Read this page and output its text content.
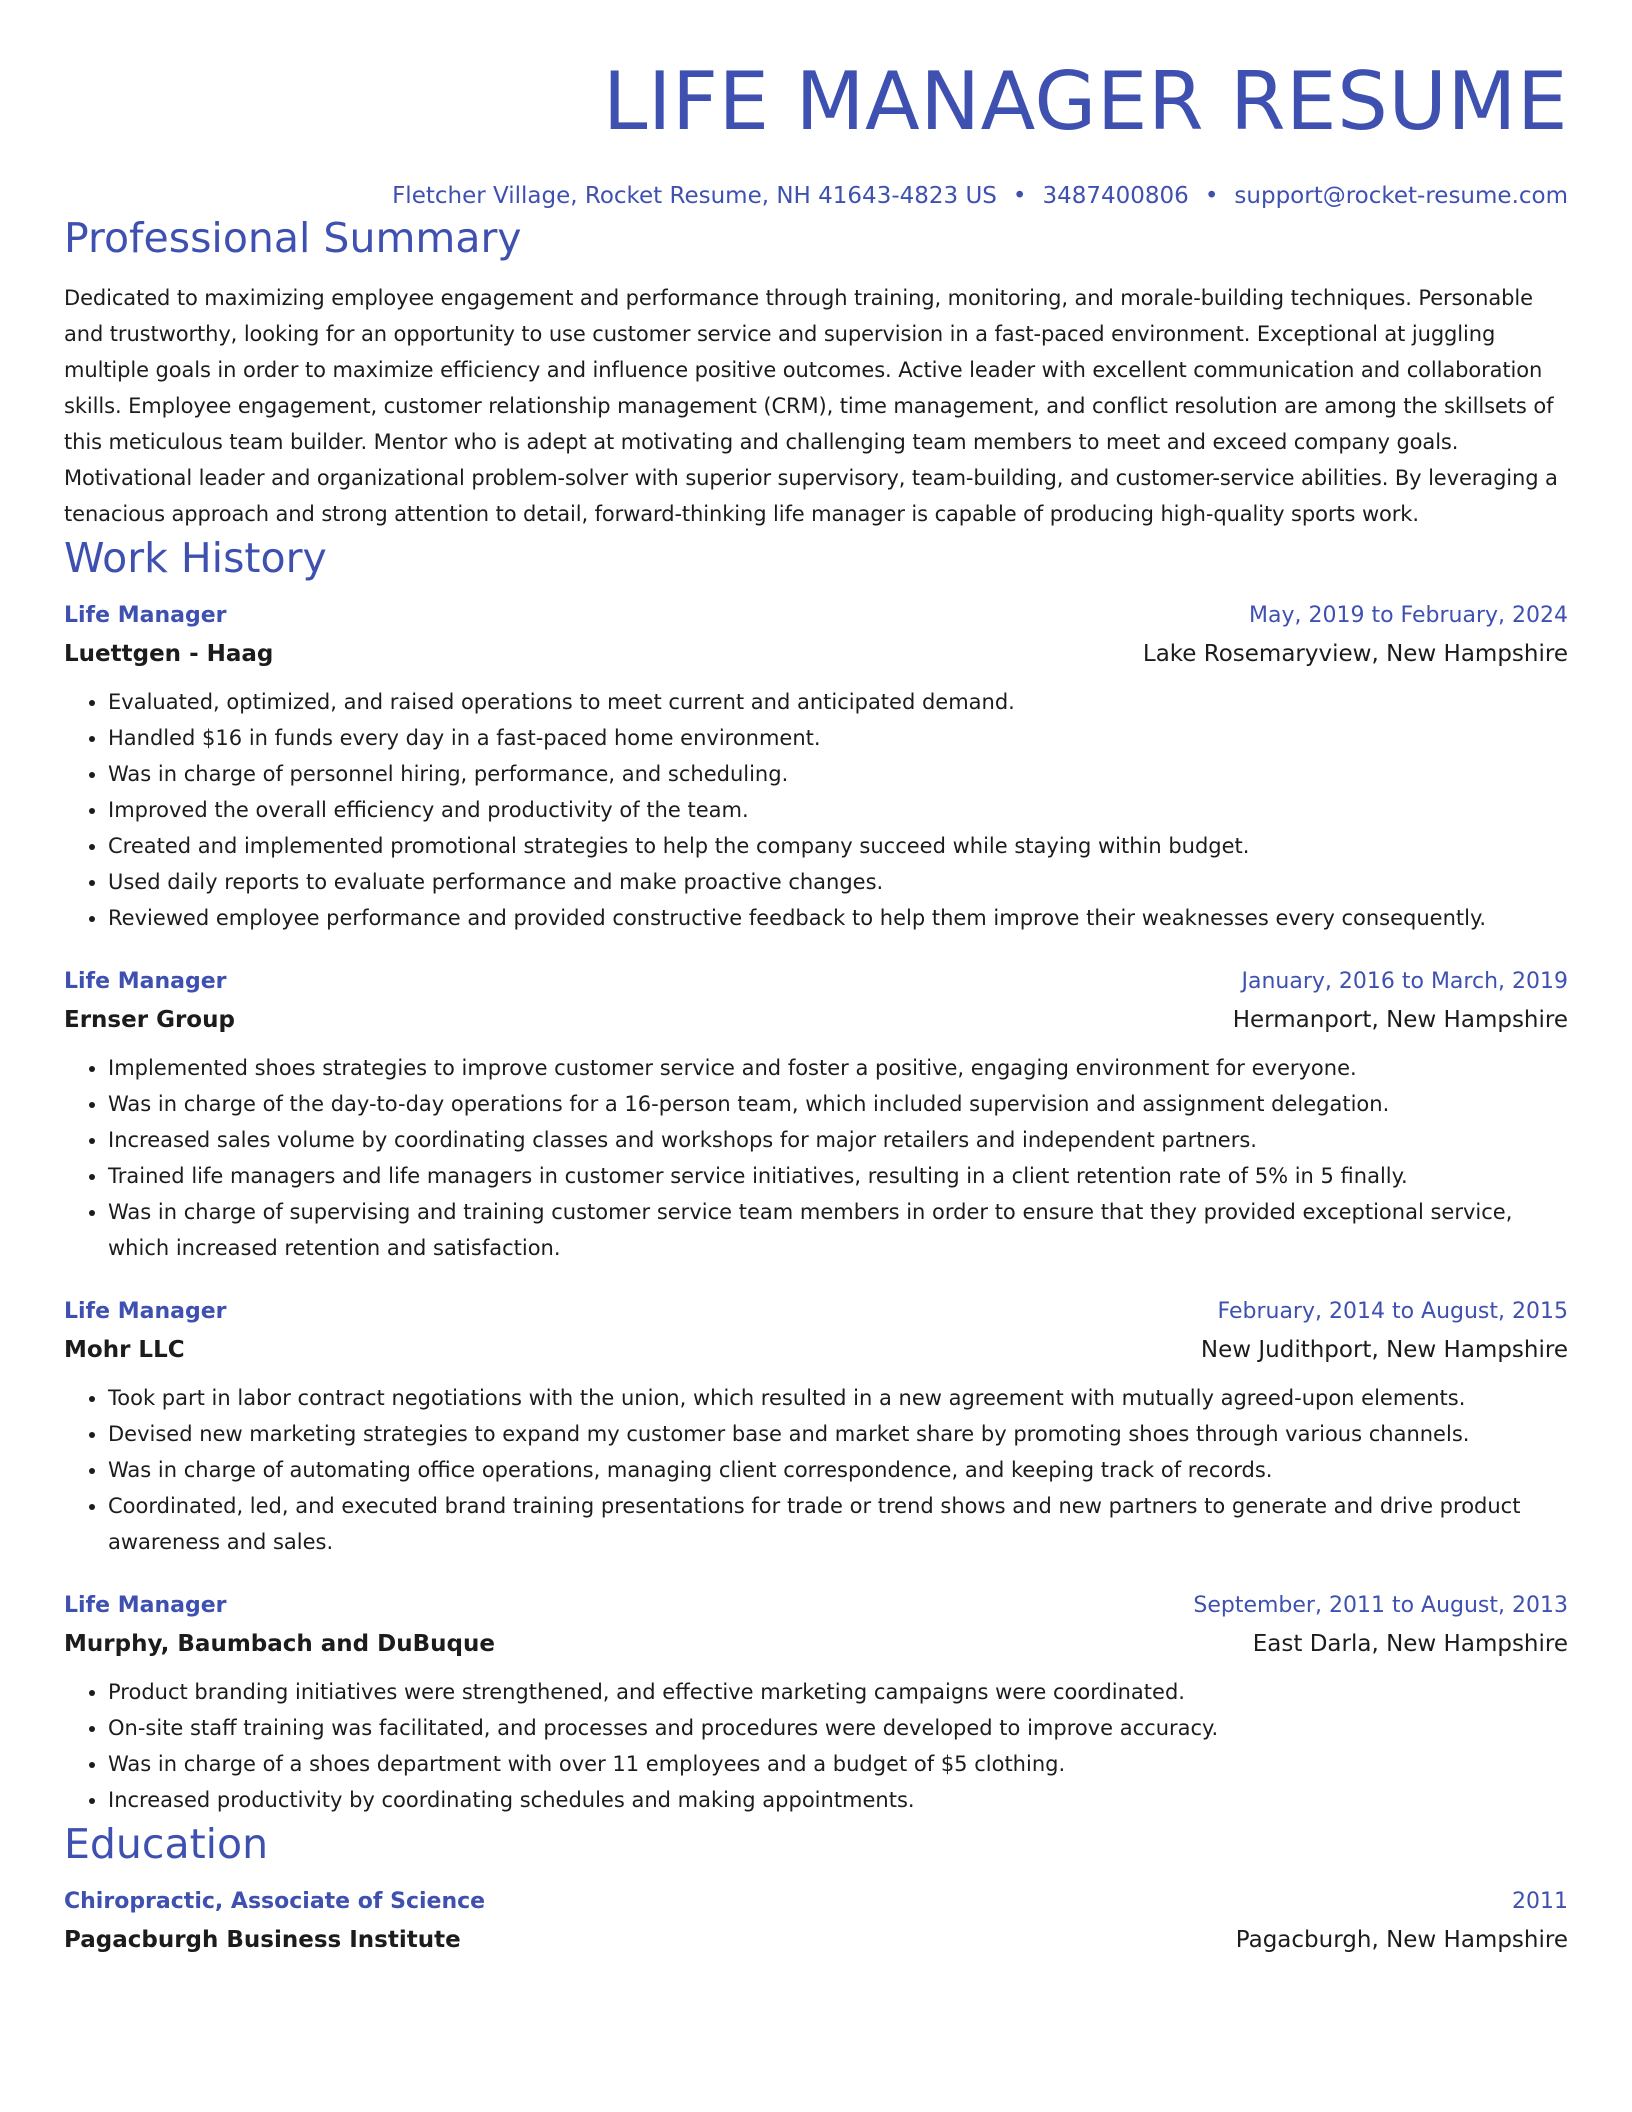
LIFE MANAGER RESUME
Fletcher Village, Rocket Resume, NH 41643-4823 US • 3487400806 • support@rocket-resume.com
Professional Summary

Dedicated to maximizing employee engagement and performance through training, monitoring, and morale-building techniques. Personable and trustworthy, looking for an opportunity to use customer service and supervision in a fast-paced environment. Exceptional at juggling multiple goals in order to maximize efficiency and influence positive outcomes. Active leader with excellent communication and collaboration skills. Employee engagement, customer relationship management (CRM), time management, and conflict resolution are among the skillsets of this meticulous team builder. Mentor who is adept at motivating and challenging team members to meet and exceed company goals. Motivational leader and organizational problem-solver with superior supervisory, team-building, and customer-service abilities. By leveraging a tenacious approach and strong attention to detail, forward-thinking life manager is capable of producing high-quality sports work.

Work History
Life Manager	May, 2019 to February, 2024
Luettgen - Haag	Lake Rosemaryview, New Hampshire
• Evaluated, optimized, and raised operations to meet current and anticipated demand.
• Handled $16 in funds every day in a fast-paced home environment.
• Was in charge of personnel hiring, performance, and scheduling.
• Improved the overall efficiency and productivity of the team.
• Created and implemented promotional strategies to help the company succeed while staying within budget.
• Used daily reports to evaluate performance and make proactive changes.
• Reviewed employee performance and provided constructive feedback to help them improve their weaknesses every consequently.
Life Manager	January, 2016 to March, 2019
Ernser Group	Hermanport, New Hampshire
• Implemented shoes strategies to improve customer service and foster a positive, engaging environment for everyone.
• Was in charge of the day-to-day operations for a 16-person team, which included supervision and assignment delegation.
• Increased sales volume by coordinating classes and workshops for major retailers and independent partners.
• Trained life managers and life managers in customer service initiatives, resulting in a client retention rate of 5% in 5 finally.
• Was in charge of supervising and training customer service team members in order to ensure that they provided exceptional service, which increased retention and satisfaction.
Life Manager	February, 2014 to August, 2015
Mohr LLC	New Judithport, New Hampshire
• Took part in labor contract negotiations with the union, which resulted in a new agreement with mutually agreed-upon elements.
• Devised new marketing strategies to expand my customer base and market share by promoting shoes through various channels.
• Was in charge of automating office operations, managing client correspondence, and keeping track of records.
• Coordinated, led, and executed brand training presentations for trade or trend shows and new partners to generate and drive product awareness and sales.
Life Manager	September, 2011 to August, 2013
Murphy, Baumbach and DuBuque	East Darla, New Hampshire
• Product branding initiatives were strengthened, and effective marketing campaigns were coordinated.
• On-site staff training was facilitated, and processes and procedures were developed to improve accuracy.
• Was in charge of a shoes department with over 11 employees and a budget of $5 clothing.
• Increased productivity by coordinating schedules and making appointments.
Education
Chiropractic, Associate of Science	2011
Pagacburgh Business Institute	Pagacburgh, New Hampshire
